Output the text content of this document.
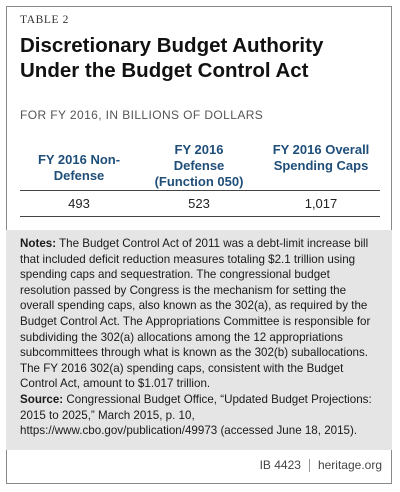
TABLE 2
Discretionary Budget Authority
Under the Budget Control Act
FOR FY 2016, IN BILLIONS OF DOLLARS
FY 2016 Non-
Defense
FY 2016
Defense
(Function 050)
FY 2016 Overall
Spending Caps
493	523	1,017

Notes: The Budget Control Act of 2011 was a debt-limit increase bill that included deficit reduction measures totaling $2.1 trillion using spending caps and sequestration. The congressional budget resolution passed by Congress is the mechanism for setting the overall spending caps, also known as the 302(a), as required by the Budget Control Act. The Appropriations Committee is responsible for subdividing the 302(a) allocations among the 12 appropriations subcommittees through what is known as the 302(b) suballocations. The FY 2016 302(a) spending caps, consistent with the Budget Control Act, amount to $1.017 trillion.

Source: Congressional Budget Office, “Updated Budget Projections: 2015 to 2025,” March 2015, p. 10, https://www.cbo.gov/publication/49973 (accessed June 18, 2015).

IB 4423 heritage.org
